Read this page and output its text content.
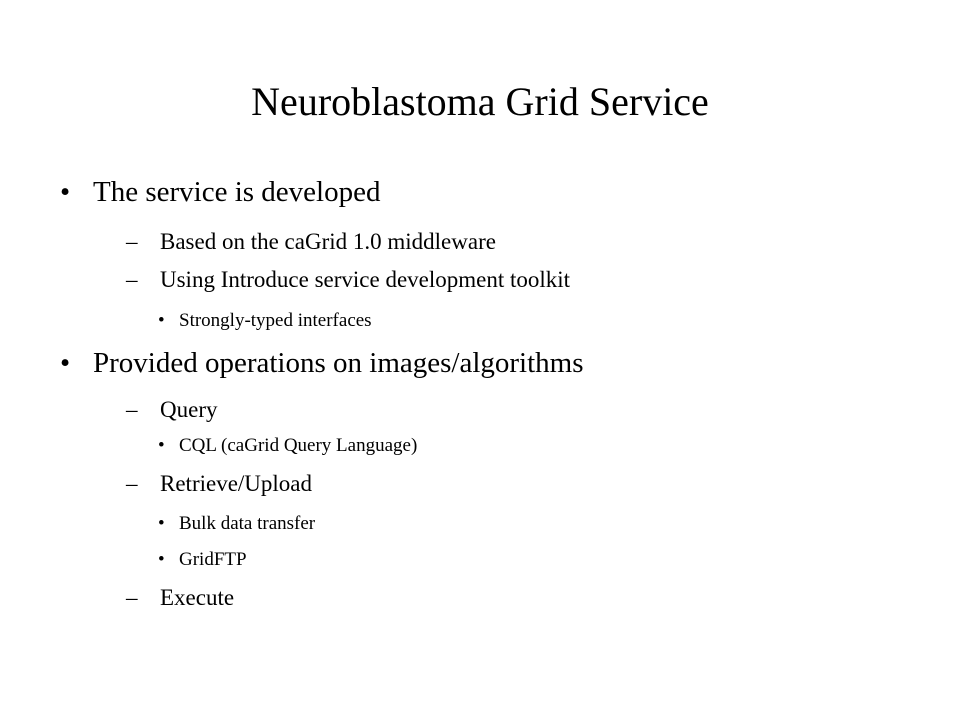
Neuroblastoma Grid Service
• The service is developed
– Based on the caGrid 1.0 middleware
– Using Introduce service development toolkit
• Strongly-typed interfaces
• Provided operations on images/algorithms
– Query
• CQL (caGrid Query Language)
– Retrieve/Upload
• Bulk data transfer
• GridFTP
– Execute
